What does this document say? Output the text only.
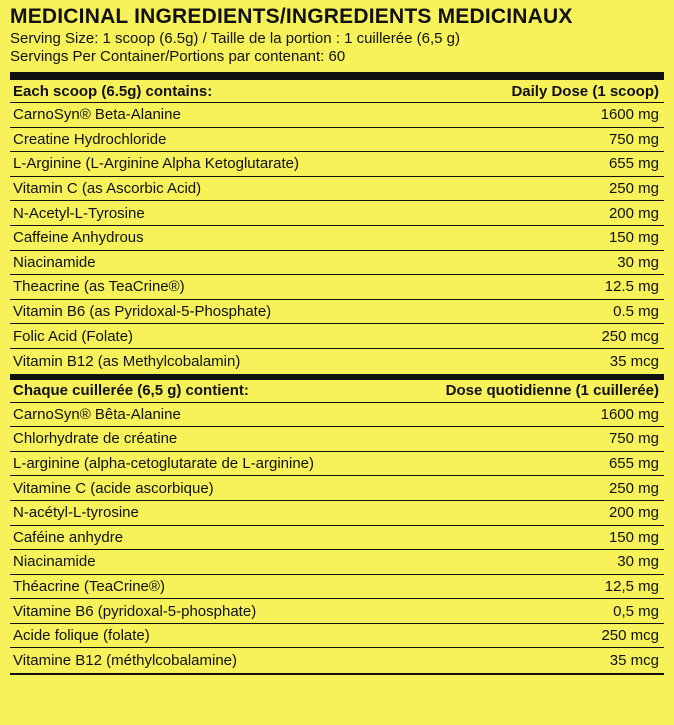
MEDICINAL INGREDIENTS/INGREDIENTS MEDICINAUX
Serving Size: 1 scoop (6.5g) / Taille de la portion : 1 cuillerée (6,5 g)
Servings Per Container/Portions par contenant: 60
Each scoop (6.5g) contains:	Daily Dose (1 scoop)
CarnoSyn® Beta-Alanine	1600 mg
Creatine Hydrochloride	750 mg
L-Arginine (L-Arginine Alpha Ketoglutarate)	655 mg
Vitamin C (as Ascorbic Acid)	250 mg
N-Acetyl-L-Tyrosine	200 mg
Caffeine Anhydrous	150 mg
Niacinamide	30 mg
Theacrine (as TeaCrine®)	12.5 mg
Vitamin B6 (as Pyridoxal-5-Phosphate)	0.5 mg
Folic Acid (Folate)	250 mcg
Vitamin B12 (as Methylcobalamin)	35 mcg
Chaque cuillerée (6,5 g) contient:	Dose quotidienne (1 cuillerée)
CarnoSyn® Bêta-Alanine	1600 mg
Chlorhydrate de créatine	750 mg
L-arginine (alpha-cetoglutarate de L-arginine)	655 mg
Vitamine C (acide ascorbique)	250 mg
N-acétyl-L-tyrosine	200 mg
Caféine anhydre	150 mg
Niacinamide	30 mg
Théacrine (TeaCrine®)	12,5 mg
Vitamine B6 (pyridoxal-5-phosphate)	0,5 mg
Acide folique (folate)	250 mcg
Vitamine B12 (méthylcobalamine)	35 mcg
